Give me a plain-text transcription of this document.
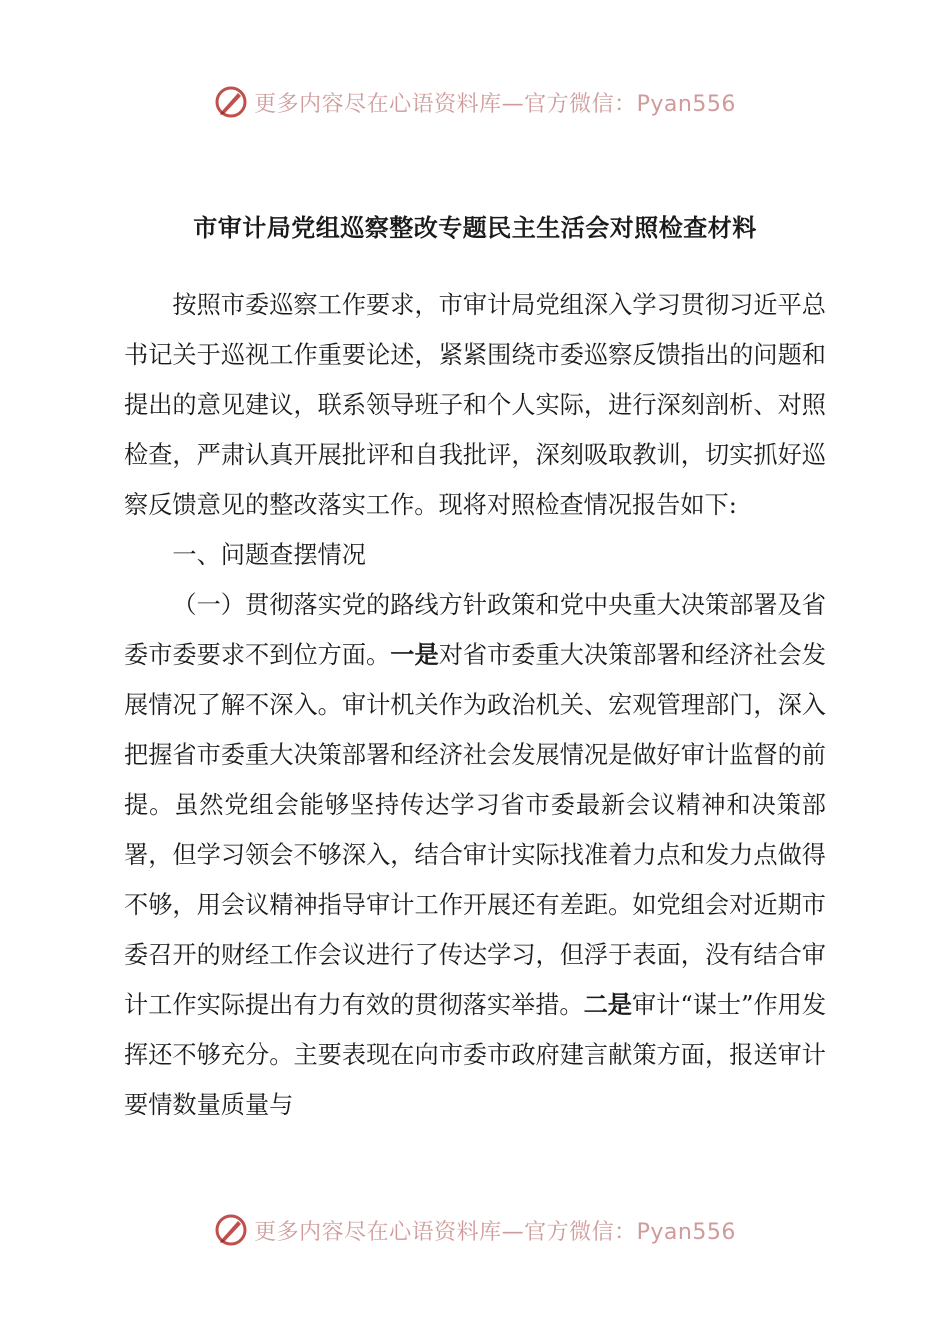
更多内容尽在心语资料库—官方微信：Pyan556
市审计局党组巡察整改专题民主生活会对照检查材料

按照市委巡察工作要求，市审计局党组深入学习贯彻习近平总书记关于巡视工作重要论述，紧紧围绕市委巡察反馈指出的问题和提出的意见建议，联系领导班子和个人实际，进行深刻剖析、对照检查，严肃认真开展批评和自我批评，深刻吸取教训，切实抓好巡察反馈意见的整改落实工作。现将对照检查情况报告如下:

一、问题查摆情况

（一）贯彻落实党的路线方针政策和党中央重大决策部署及省委市委要求不到位方面。一是对省市委重大决策部署和经济社会发展情况了解不深入。审计机关作为政治机关、宏观管理部门，深入把握省市委重大决策部署和经济社会发展情况是做好审计监督的前提。虽然党组会能够坚持传达学习省市委最新会议精神和决策部署，但学习领会不够深入，结合审计实际找准着力点和发力点做得不够，用会议精神指导审计工作开展还有差距。如党组会对近期市委召开的财经工作会议进行了传达学习，但浮于表面，没有结合审计工作实际提出有力有效的贯彻落实举措。二是审计“谋士”作用发挥还不够充分。主要表现在向市委市政府建言献策方面，报送审计要情数量质量与

更多内容尽在心语资料库—官方微信：Pyan556
